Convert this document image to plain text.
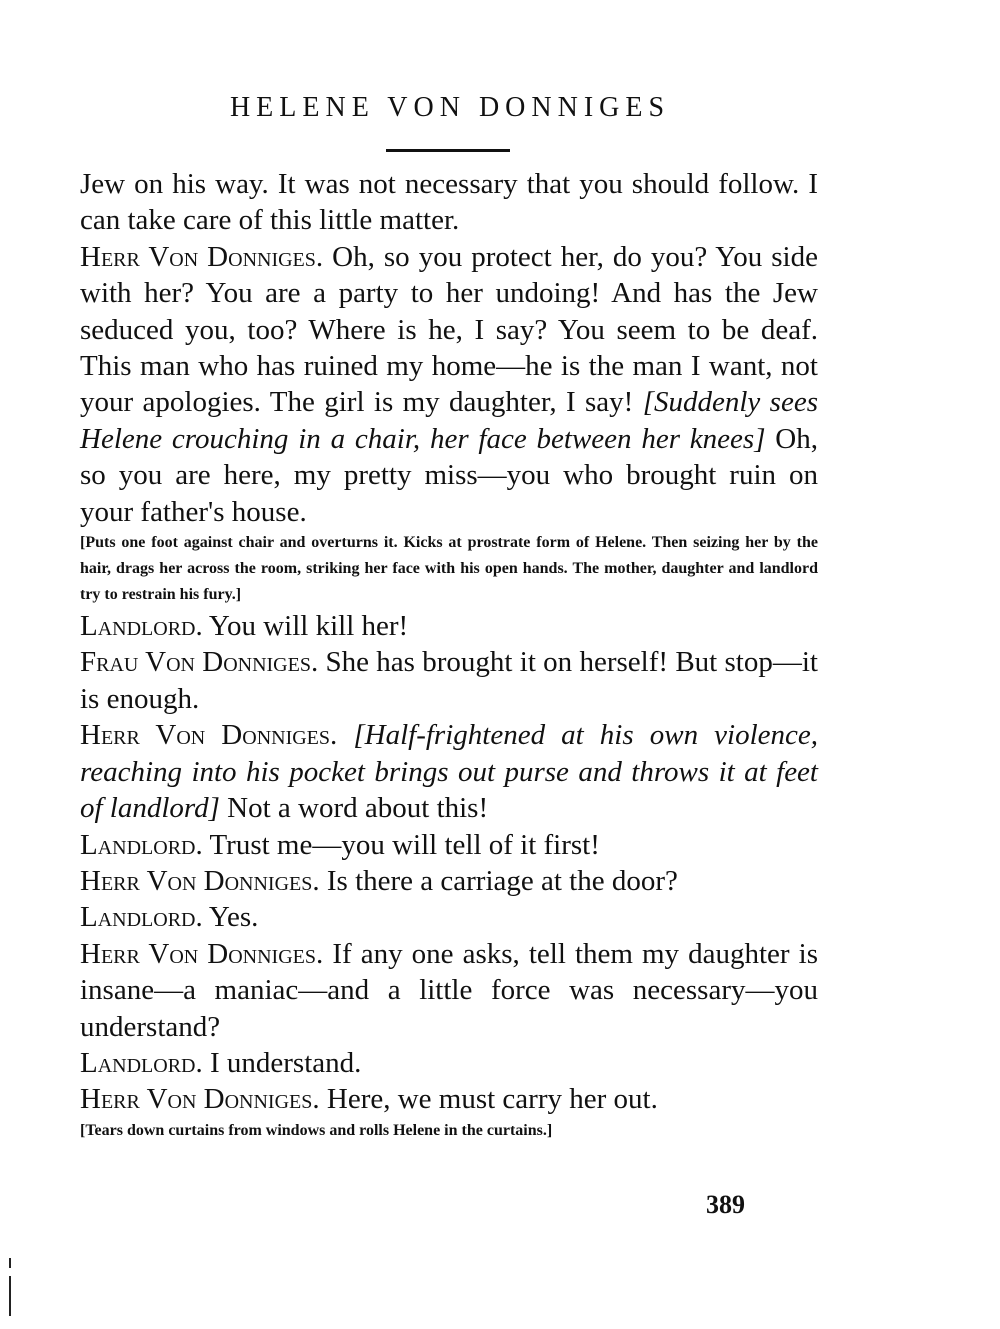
HELENE VON DONNIGES

Jew on his way. It was not necessary that you should follow. I can take care of this little matter.

Herr Von Donniges. Oh, so you protect her, do you? You side with her? You are a party to her undoing! And has the Jew seduced you, too? Where is he, I say? You seem to be deaf. This man who has ruined my home—he is the man I want, not your apologies. The girl is my daughter, I say! [Suddenly sees Helene crouching in a chair, her face between her knees] Oh, so you are here, my pretty miss—you who brought ruin on your father's house.

[Puts one foot against chair and overturns it. Kicks at prostrate form of Helene. Then seizing her by the hair, drags her across the room, striking her face with his open hands. The mother, daughter and landlord try to restrain his fury.]

Landlord. You will kill her!

Frau Von Donniges. She has brought it on herself! But stop—it is enough.

Herr Von Donniges. [Half-frightened at his own violence, reaching into his pocket brings out purse and throws it at feet of landlord] Not a word about this!

Landlord. Trust me—you will tell of it first!

Herr Von Donniges. Is there a carriage at the door?

Landlord. Yes.

Herr Von Donniges. If any one asks, tell them my daughter is insane—a maniac—and a little force was necessary—you understand?

Landlord. I understand.

Herr Von Donniges. Here, we must carry her out.

[Tears down curtains from windows and rolls Helene in the curtains.]

389
